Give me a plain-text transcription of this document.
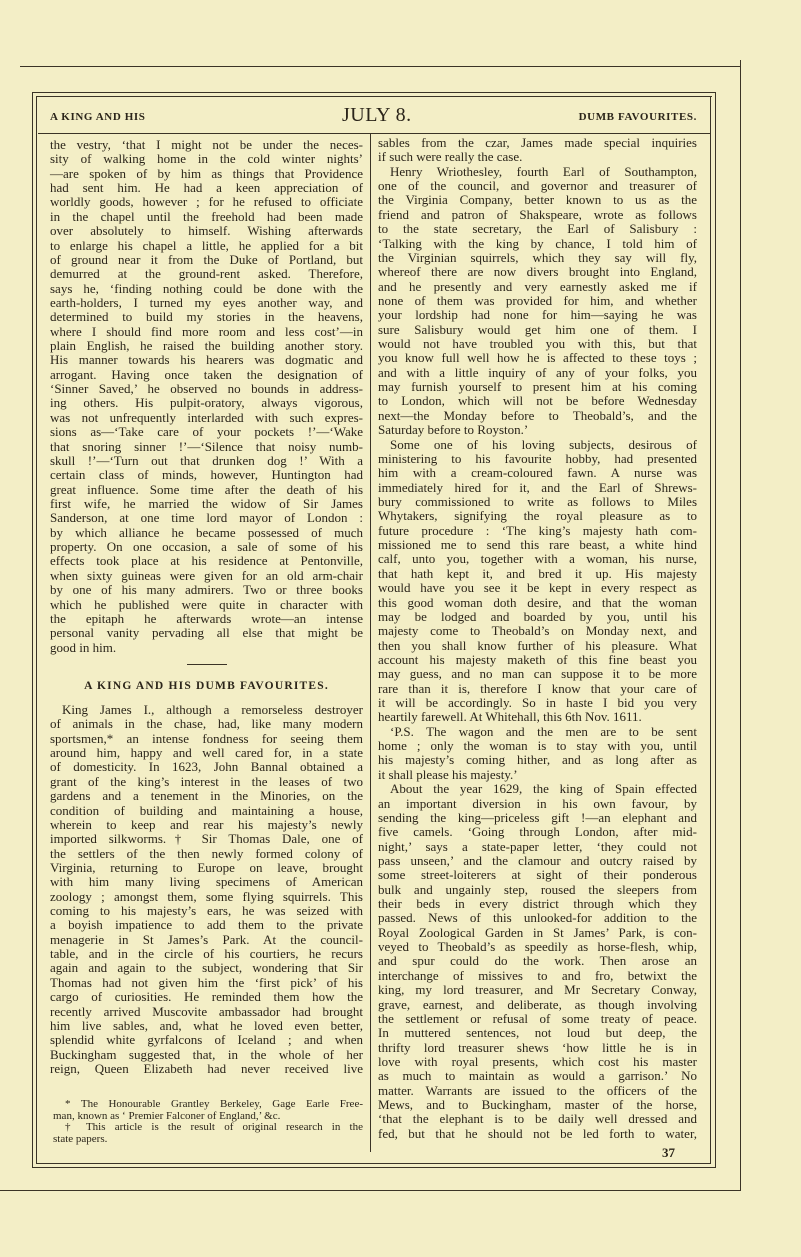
A KING AND HIS	JULY 8.	DUMB FAVOURITES.
the vestry, ‘that I might not be under the neces-
sity of walking home in the cold winter nights’
—are spoken of by him as things that Providence
had sent him. He had a keen appreciation of
worldly goods, however ; for he refused to officiate
in the chapel until the freehold had been made
over absolutely to himself. Wishing afterwards
to enlarge his chapel a little, he applied for a bit
of ground near it from the Duke of Portland, but
demurred at the ground-rent asked. Therefore,
says he, ‘finding nothing could be done with the
earth-holders, I turned my eyes another way, and
determined to build my stories in the heavens,
where I should find more room and less cost’—in
plain English, he raised the building another story.
His manner towards his hearers was dogmatic and
arrogant. Having once taken the designation of
‘Sinner Saved,’ he observed no bounds in address-
ing others. His pulpit-oratory, always vigorous,
was not unfrequently interlarded with such expres-
sions as—‘Take care of your pockets !’—‘Wake
that snoring sinner !’—‘Silence that noisy numb-
skull !’—‘Turn out that drunken dog !’ With a
certain class of minds, however, Huntington had
great influence. Some time after the death of his
first wife, he married the widow of Sir James
Sanderson, at one time lord mayor of London :
by which alliance he became possessed of much
property. On one occasion, a sale of some of his
effects took place at his residence at Pentonville,
when sixty guineas were given for an old arm-chair
by one of his many admirers. Two or three books
which he published were quite in character with
the epitaph he afterwards wrote—an intense
personal vanity pervading all else that might be
good in him.
A KING AND HIS DUMB FAVOURITES.
King James I., although a remorseless destroyer
of animals in the chase, had, like many modern
sportsmen,* an intense fondness for seeing them
around him, happy and well cared for, in a state
of domesticity. In 1623, John Bannal obtained a
grant of the king’s interest in the leases of two
gardens and a tenement in the Minories, on the
condition of building and maintaining a house,
wherein to keep and rear his majesty’s newly
imported silkworms.† Sir Thomas Dale, one of
the settlers of the then newly formed colony of
Virginia, returning to Europe on leave, brought
with him many living specimens of American
zoology ; amongst them, some flying squirrels. This
coming to his majesty’s ears, he was seized with
a boyish impatience to add them to the private
menagerie in St James’s Park. At the council-
table, and in the circle of his courtiers, he recurs
again and again to the subject, wondering that Sir
Thomas had not given him the ‘first pick’ of his
cargo of curiosities. He reminded them how the
recently arrived Muscovite ambassador had brought
him live sables, and, what he loved even better,
splendid white gyrfalcons of Iceland ; and when
Buckingham suggested that, in the whole of her
reign, Queen Elizabeth had never received live
* The Honourable Grantley Berkeley, Gage Earle Free-
man, known as ‘ Premier Falconer of England,’ &c.
† This article is the result of original research in the
state papers.
sables from the czar, James made special inquiries
if such were really the case.
Henry Wriothesley, fourth Earl of Southampton,
one of the council, and governor and treasurer of
the Virginia Company, better known to us as the
friend and patron of Shakspeare, wrote as follows
to the state secretary, the Earl of Salisbury :
‘Talking with the king by chance, I told him of
the Virginian squirrels, which they say will fly,
whereof there are now divers brought into England,
and he presently and very earnestly asked me if
none of them was provided for him, and whether
your lordship had none for him—saying he was
sure Salisbury would get him one of them. I
would not have troubled you with this, but that
you know full well how he is affected to these toys ;
and with a little inquiry of any of your folks, you
may furnish yourself to present him at his coming
to London, which will not be before Wednesday
next—the Monday before to Theobald’s, and the
Saturday before to Royston.’
Some one of his loving subjects, desirous of
ministering to his favourite hobby, had presented
him with a cream-coloured fawn. A nurse was
immediately hired for it, and the Earl of Shrews-
bury commissioned to write as follows to Miles
Whytakers, signifying the royal pleasure as to
future procedure : ‘The king’s majesty hath com-
missioned me to send this rare beast, a white hind
calf, unto you, together with a woman, his nurse,
that hath kept it, and bred it up. His majesty
would have you see it be kept in every respect as
this good woman doth desire, and that the woman
may be lodged and boarded by you, until his
majesty come to Theobald’s on Monday next, and
then you shall know further of his pleasure. What
account his majesty maketh of this fine beast you
may guess, and no man can suppose it to be more
rare than it is, therefore I know that your care of
it will be accordingly. So in haste I bid you very
heartily farewell. At Whitehall, this 6th Nov. 1611.
‘P.S. The wagon and the men are to be sent
home ; only the woman is to stay with you, until
his majesty’s coming hither, and as long after as
it shall please his majesty.’
About the year 1629, the king of Spain effected
an important diversion in his own favour, by
sending the king—priceless gift !—an elephant and
five camels. ‘Going through London, after mid-
night,’ says a state-paper letter, ‘they could not
pass unseen,’ and the clamour and outcry raised by
some street-loiterers at sight of their ponderous
bulk and ungainly step, roused the sleepers from
their beds in every district through which they
passed. News of this unlooked-for addition to the
Royal Zoological Garden in St James’ Park, is con-
veyed to Theobald’s as speedily as horse-flesh, whip,
and spur could do the work. Then arose an
interchange of missives to and fro, betwixt the
king, my lord treasurer, and Mr Secretary Conway,
grave, earnest, and deliberate, as though involving
the settlement or refusal of some treaty of peace.
In muttered sentences, not loud but deep, the
thrifty lord treasurer shews ‘how little he is in
love with royal presents, which cost his master
as much to maintain as would a garrison.’ No
matter. Warrants are issued to the officers of the
Mews, and to Buckingham, master of the horse,
‘that the elephant is to be daily well dressed and
fed, but that he should not be led forth to water,
37
